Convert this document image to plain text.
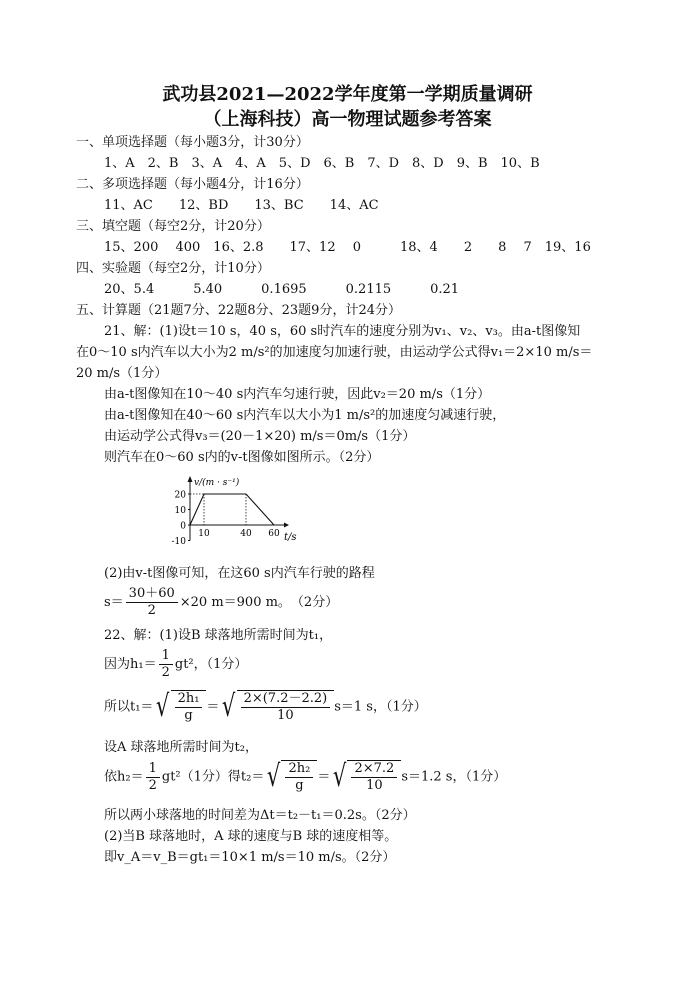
武功县2021—2022学年度第一学期质量调研
（上海科技）高一物理试题参考答案
一、单项选择题（每小题3分，计30分）
1、A　2、B　3、A　4、A　5、D　6、B　7、D　8、D　9、B　10、B
二、多项选择题（每小题4分，计16分）
11、AC　　12、BD　　13、BC　　14、AC
三、填空题（每空2分，计20分）
15、200　 400　16、2.8　　17、12　 0　　　18、4　　2　　8　 7　19、16
四、实验题（每空2分，计10分）
20、5.4　　　5.40　　　0.1695　　　0.2115　　　0.21
五、计算题（21题7分、22题8分、23题9分，计24分）
21、解：(1)设t＝10 s，40 s，60 s时汽车的速度分别为v₁、v₂、v₃。由a-t图像知
在0～10 s内汽车以大小为2 m/s²的加速度匀加速行驶，由运动学公式得v₁＝2×10 m/s＝
20 m/s（1分）
由a-t图像知在10～40 s内汽车匀速行驶，因此v₂＝20 m/s（1分）
由a-t图像知在40～60 s内汽车以大小为1 m/s²的加速度匀减速行驶，
由运动学公式得v₃＝(20－1×20) m/s＝0m/s（1分）
则汽车在0～60 s内的v-t图像如图所示。（2分）
20
10
0
-10
10	40 60
v/(m · s⁻¹)
t/s
(2)由v-t图像可知，在这60 s内汽车行驶的路程
$s= \frac{30+60}{2} \times 20$ m＝900 m。　（2分）
22、解：(1)设B 球落地所需时间为t₁，
因为$h_1= \frac{1}{2} gt^2$，（1分）
所以t₁＝ √ $\frac{\text{2h₁}}{g}$ ＝ √ $\frac{2\times(7.2-2.2)}{10} s=1$ s，（1分）
设A 球落地所需时间为t₂，
依$h_2= \frac{1}{2} gt^2(1$分）得t₂＝ √ $\frac{\text{2h₂}}{g}$ ＝ √ $\frac{2\times 7.2}{10} s=1.2$ s，（1分）
所以两小球落地的时间差为Δt＝t₂－t₁＝0.2s。（2分）
(2)当B 球落地时，A 球的速度与B 球的速度相等。
即v_A＝v_B＝gt₁＝10×1 m/s＝10 m/s。（2分）
